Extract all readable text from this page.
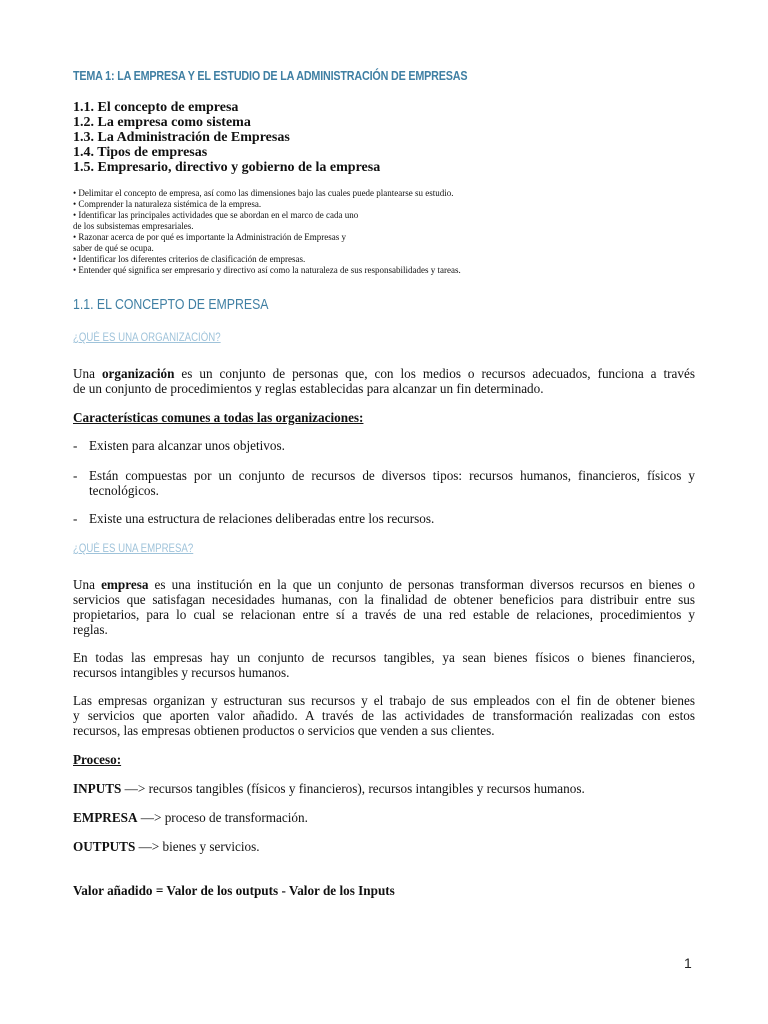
TEMA 1: LA EMPRESA Y EL ESTUDIO DE LA ADMINISTRACIÓN DE EMPRESAS
1.1. El concepto de empresa
1.2. La empresa como sistema
1.3. La Administración de Empresas
1.4. Tipos de empresas
1.5. Empresario, directivo y gobierno de la empresa
• Delimitar el concepto de empresa, así como las dimensiones bajo las cuales puede plantearse su estudio.
• Comprender la naturaleza sistémica de la empresa.
• Identificar las principales actividades que se abordan en el marco de cada uno
de los subsistemas empresariales.
• Razonar acerca de por qué es importante la Administración de Empresas y
saber de qué se ocupa.
• Identificar los diferentes criterios de clasificación de empresas.
• Entender qué significa ser empresario y directivo así como la naturaleza de sus responsabilidades y tareas.
1.1. EL CONCEPTO DE EMPRESA
¿QUÉ ES UNA ORGANIZACIÓN?
Una organización es un conjunto de personas que, con los medios o recursos adecuados, funciona a través
de un conjunto de procedimientos y reglas establecidas para alcanzar un fin determinado.
Características comunes a todas las organizaciones:
- Existen para alcanzar unos objetivos.
- Están compuestas por un conjunto de recursos de diversos tipos: recursos humanos, financieros, físicos y
tecnológicos.
- Existe una estructura de relaciones deliberadas entre los recursos.
¿QUÉ ES UNA EMPRESA?
Una empresa es una institución en la que un conjunto de personas transforman diversos recursos en bienes o
servicios que satisfagan necesidades humanas, con la finalidad de obtener beneficios para distribuir entre sus
propietarios, para lo cual se relacionan entre sí a través de una red estable de relaciones, procedimientos y
reglas.
En todas las empresas hay un conjunto de recursos tangibles, ya sean bienes físicos o bienes financieros,
recursos intangibles y recursos humanos.
Las empresas organizan y estructuran sus recursos y el trabajo de sus empleados con el fin de obtener bienes
y servicios que aporten valor añadido. A través de las actividades de transformación realizadas con estos
recursos, las empresas obtienen productos o servicios que venden a sus clientes.
Proceso:
INPUTS —> recursos tangibles (físicos y financieros), recursos intangibles y recursos humanos.
EMPRESA —> proceso de transformación.
OUTPUTS —> bienes y servicios.
Valor añadido = Valor de los outputs - Valor de los Inputs
1
